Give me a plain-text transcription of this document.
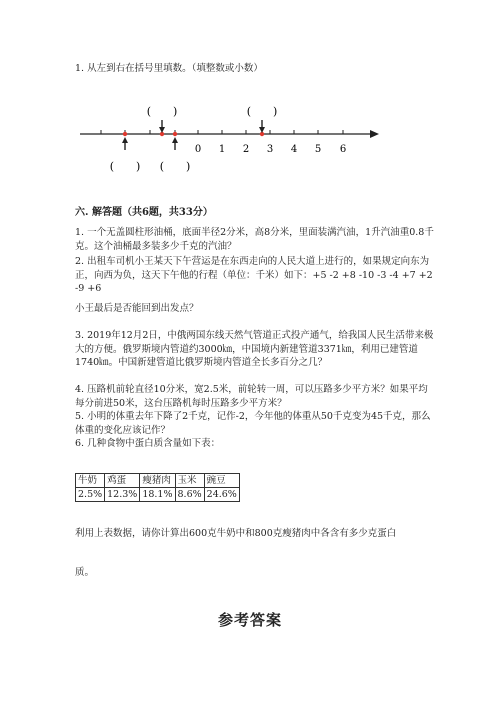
1. 从左到右在括号里填数。（填整数或小数）
0 1 2 3 4 5 6
(　　)	(　　)
(　　) (　　)
六. 解答题（共6题，共33分）
1. 一个无盖圆柱形油桶，底面半径2分米，高8分米，里面装满汽油，1升汽油重0.8千克。这个油桶最多装多少千克的汽油？
2. 出租车司机小王某天下午营运是在东西走向的人民大道上进行的，如果规定向东为正，向西为负，这天下午他的行程（单位：千米）如下：+5 -2 +8 -10 -3 -4 +7 +2 -9 +6
小王最后是否能回到出发点？
3. 2019年12月2日，中俄两国东线天然气管道正式投产通气，给我国人民生活带来极大的方便。俄罗斯境内管道约3000㎞，中国境内新建管道3371㎞，利用已建管道1740㎞。中国新建管道比俄罗斯境内管道全长多百分之几？
4. 压路机前轮直径10分米，宽2.5米，前轮转一周，可以压路多少平方米？如果平均每分前进50米，这台压路机每时压路多少平方米？
5. 小明的体重去年下降了2千克，记作-2，今年他的体重从50千克变为45千克，那么体重的变化应该记作？
6. 几种食物中蛋白质含量如下表：
牛奶	鸡蛋	瘦猪肉	玉米	豌豆
2.5%	12.3%	18.1%	8.6%	24.6%
利用上表数据，请你计算出600克牛奶中和800克瘦猪肉中各含有多少克蛋白
质。
参考答案
